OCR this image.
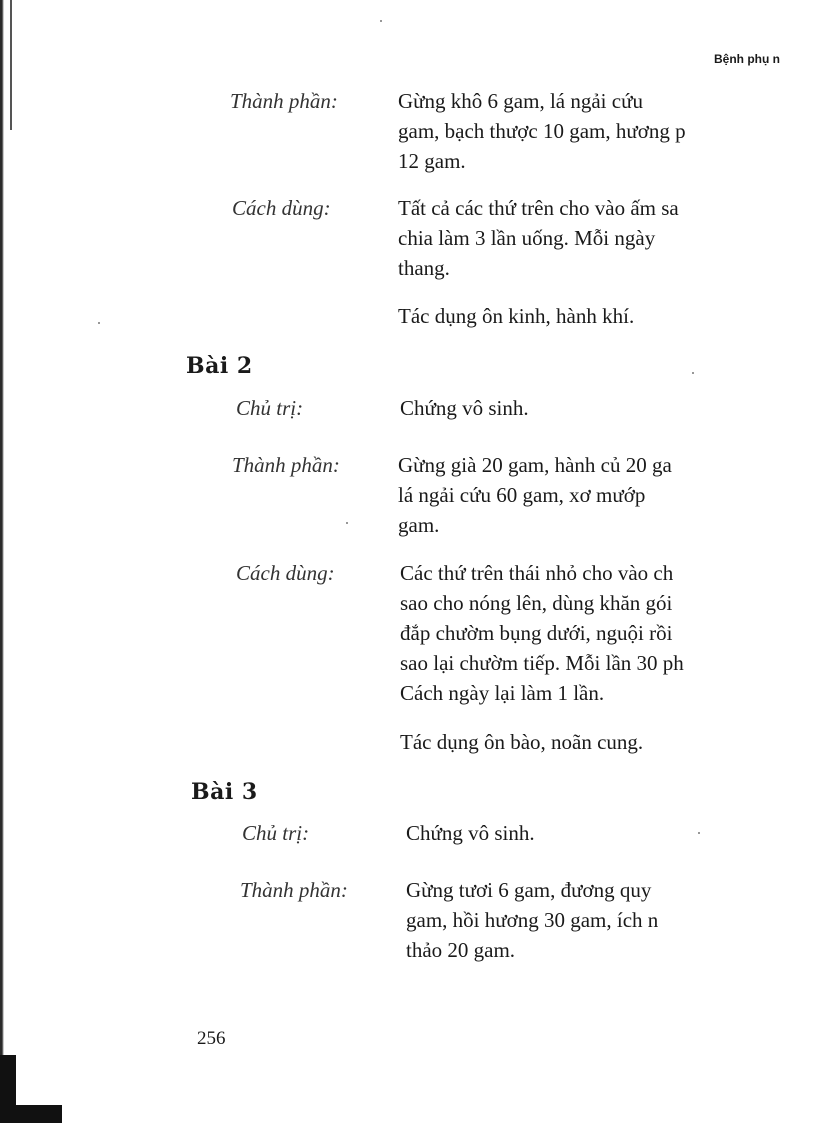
Bệnh phụ n
Thành phần:	Gừng khô 6 gam, lá ngải cứu
gam, bạch thược 10 gam, hương p
12 gam.
Cách dùng:	Tất cả các thứ trên cho vào ấm sa
chia làm 3 lần uống. Mỗi ngày
thang.
Tác dụng ôn kinh, hành khí.
Bài 2
Chủ trị:	Chứng vô sinh.
Thành phần:	Gừng già 20 gam, hành củ 20 ga
lá ngải cứu 60 gam, xơ mướp
gam.
Cách dùng:	Các thứ trên thái nhỏ cho vào ch
sao cho nóng lên, dùng khăn gói
đắp chườm bụng dưới, nguội rồi
sao lại chườm tiếp. Mỗi lần 30 ph
Cách ngày lại làm 1 lần.
Tác dụng ôn bào, noãn cung.
Bài 3
Chủ trị:	Chứng vô sinh.
Thành phần:	Gừng tươi 6 gam, đương quy
gam, hồi hương 30 gam, ích n
thảo 20 gam.
256
